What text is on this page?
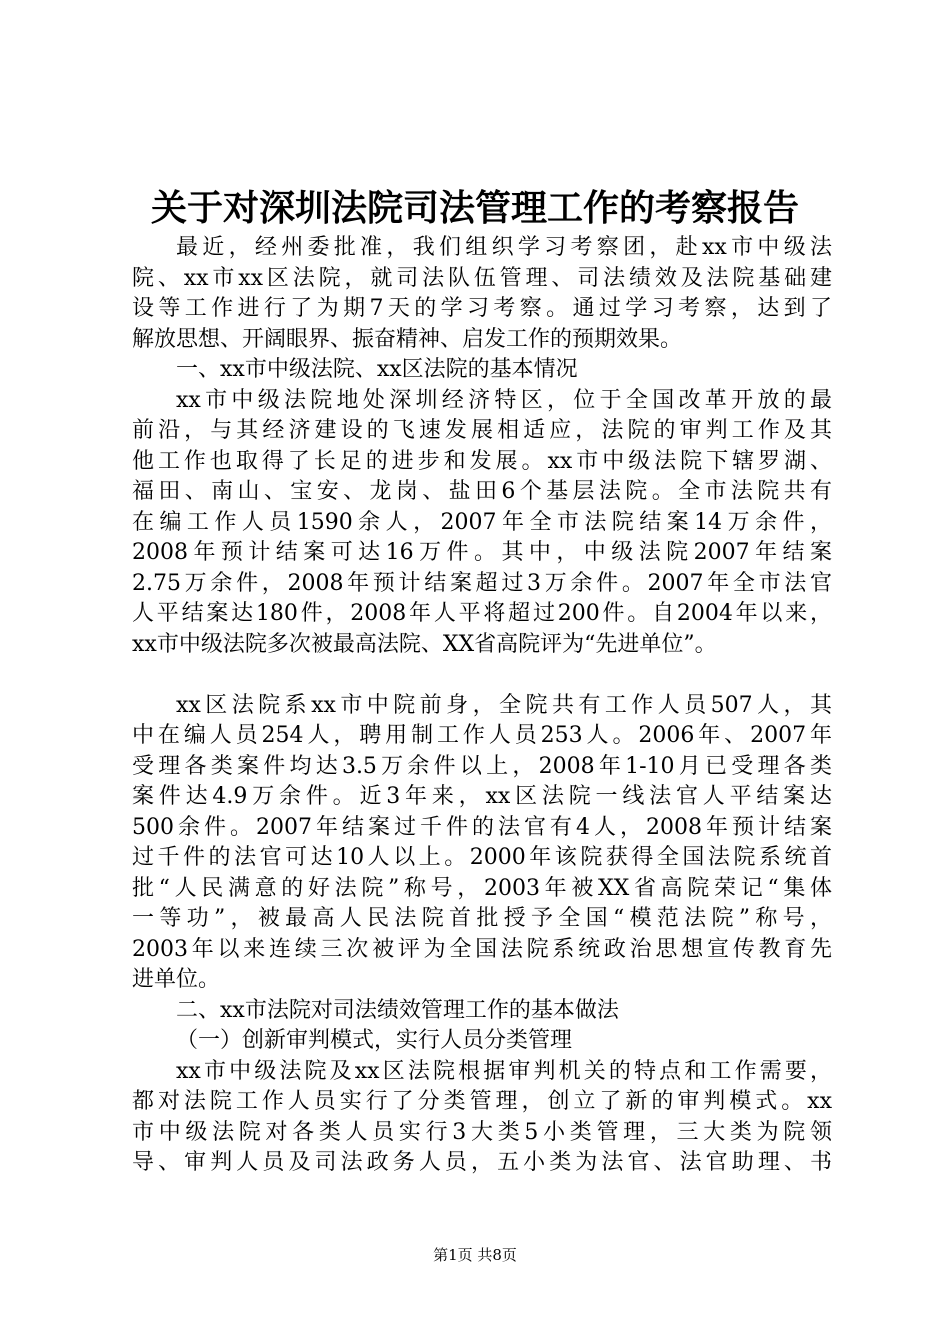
关于对深圳法院司法管理工作的考察报告
最近，经州委批准，我们组织学习考察团，赴xx市中级法
院、xx市xx区法院，就司法队伍管理、司法绩效及法院基础建
设等工作进行了为期7天的学习考察。通过学习考察，达到了
解放思想、开阔眼界、振奋精神、启发工作的预期效果。
一、xx市中级法院、xx区法院的基本情况
xx市中级法院地处深圳经济特区，位于全国改革开放的最
前沿，与其经济建设的飞速发展相适应，法院的审判工作及其
他工作也取得了长足的进步和发展。xx市中级法院下辖罗湖、
福田、南山、宝安、龙岗、盐田6个基层法院。全市法院共有
在编工作人员1590余人，2007年全市法院结案14万余件，
2008年预计结案可达16万件。其中，中级法院2007年结案
2.75万余件，2008年预计结案超过3万余件。2007年全市法官
人平结案达180件，2008年人平将超过200件。自2004年以来，
xx市中级法院多次被最高法院、XX省高院评为“先进单位”。
xx区法院系xx市中院前身，全院共有工作人员507人，其
中在编人员254人，聘用制工作人员253人。2006年、2007年
受理各类案件均达3.5万余件以上，2008年1-10月已受理各类
案件达4.9万余件。近3年来，xx区法院一线法官人平结案达
500余件。2007年结案过千件的法官有4人，2008年预计结案
过千件的法官可达10人以上。2000年该院获得全国法院系统首
批“人民满意的好法院”称号，2003年被XX省高院荣记“集体
一等功”，被最高人民法院首批授予全国“模范法院”称号，
2003年以来连续三次被评为全国法院系统政治思想宣传教育先
进单位。
二、xx市法院对司法绩效管理工作的基本做法
（一）创新审判模式，实行人员分类管理
xx市中级法院及xx区法院根据审判机关的特点和工作需要，
都对法院工作人员实行了分类管理，创立了新的审判模式。xx
市中级法院对各类人员实行3大类5小类管理，三大类为院领
导、审判人员及司法政务人员，五小类为法官、法官助理、书
第1页 共8页
